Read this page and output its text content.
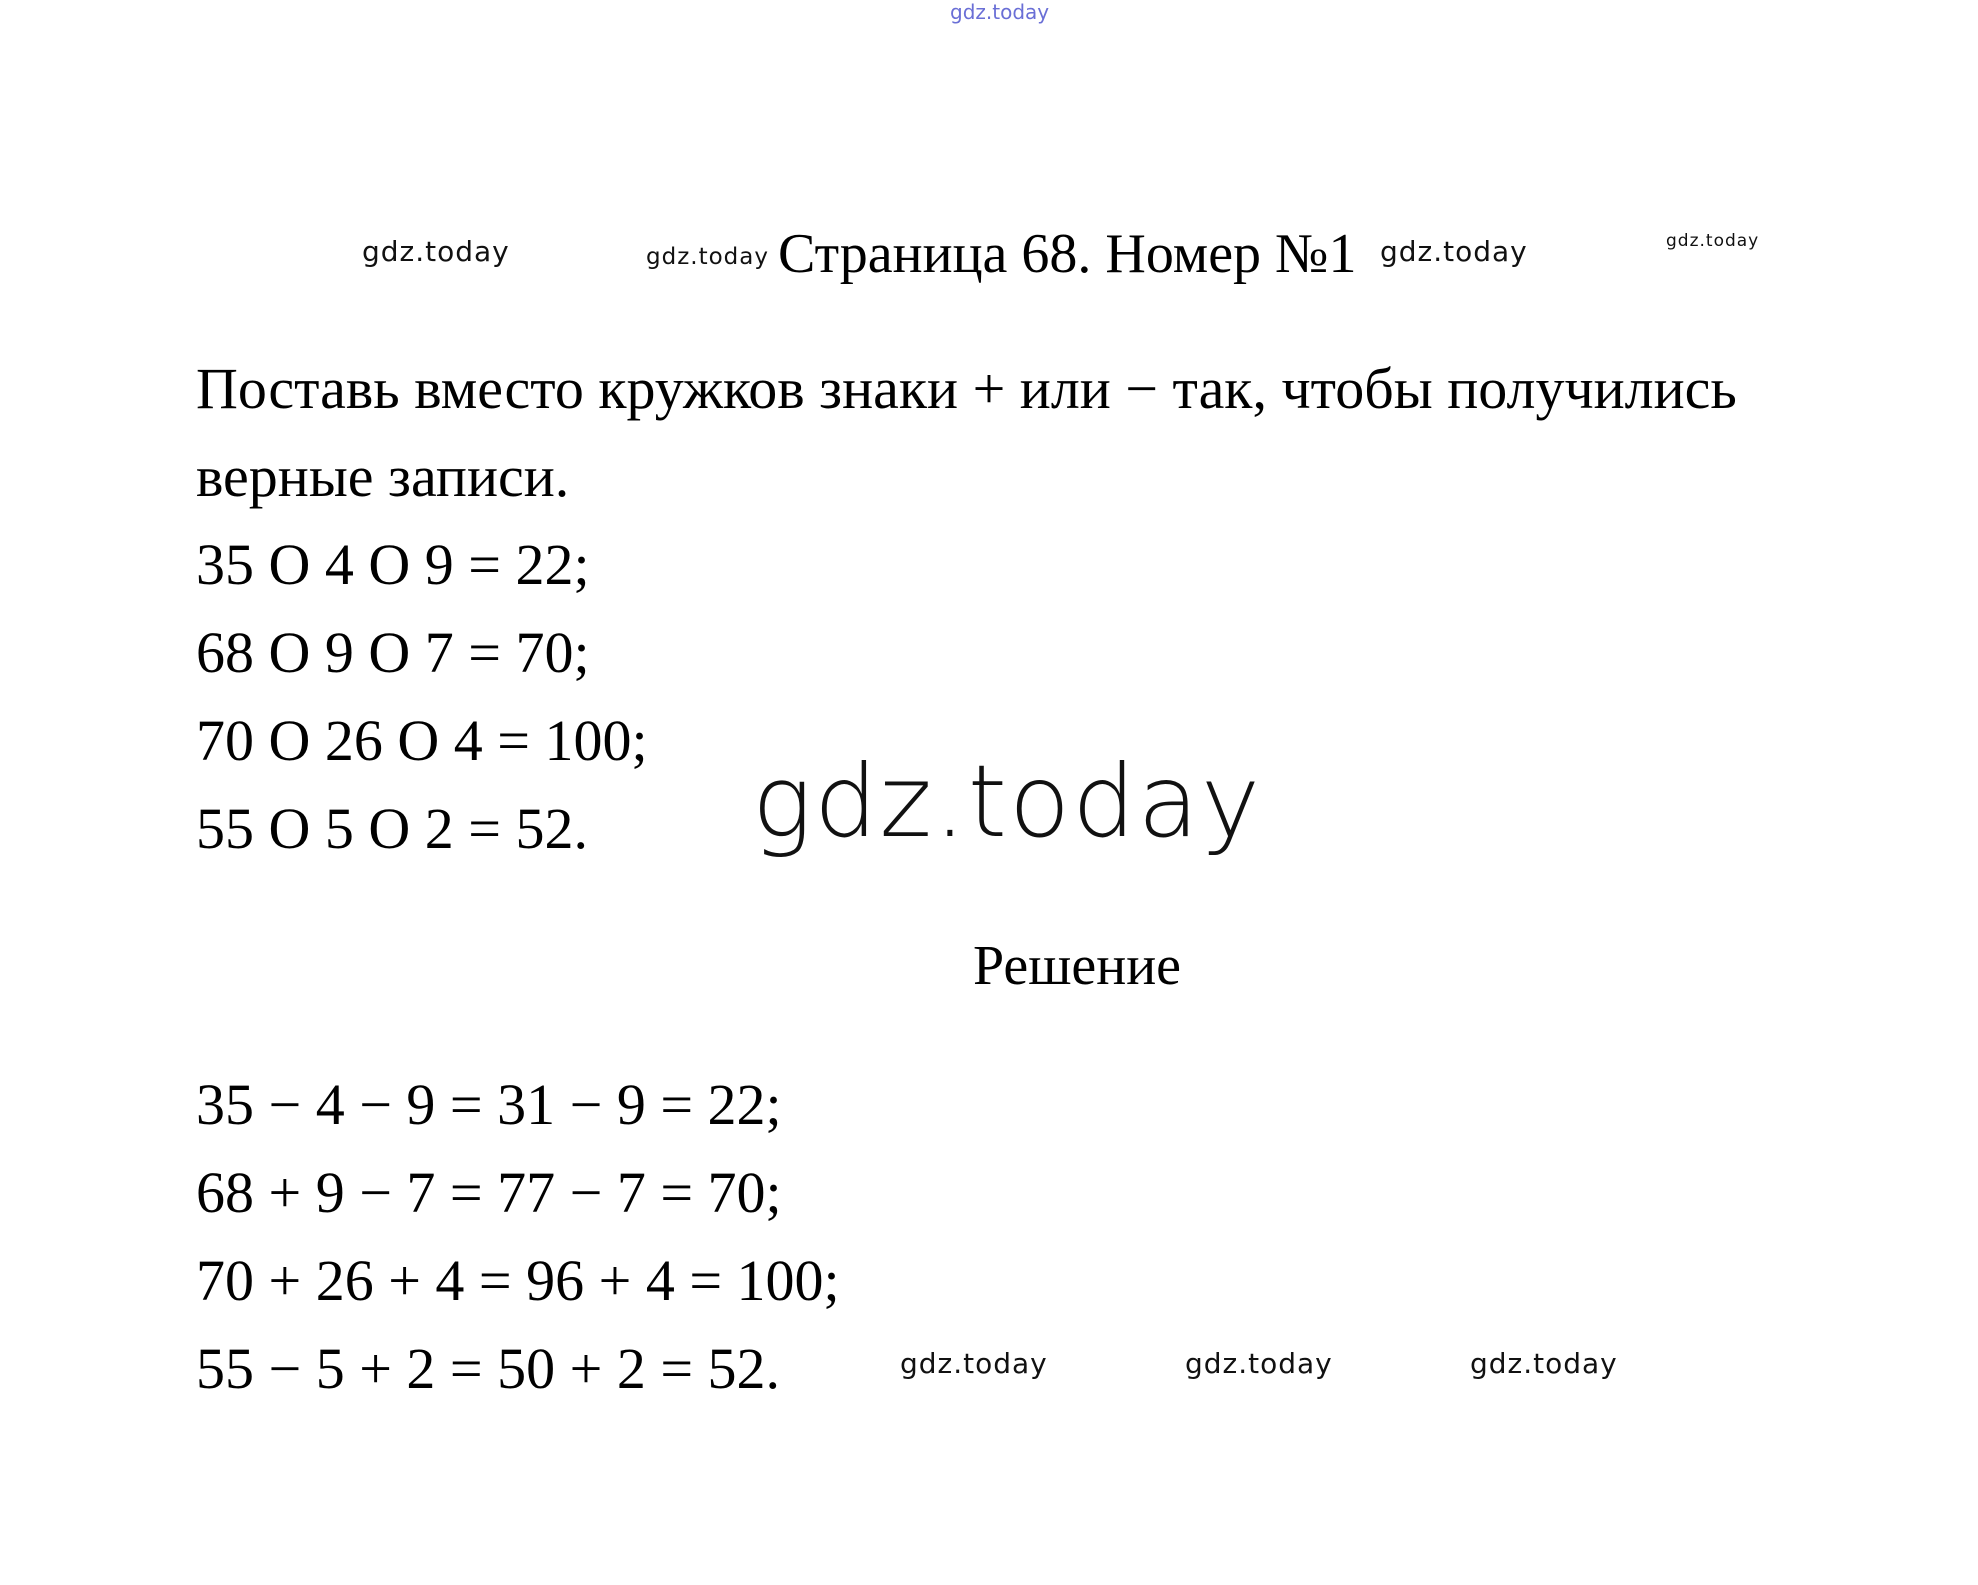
gdz.today
gdz.today	gdz.today Страница 68. Номер №1 gdz.today	gdz.today
Поставь вместо кружков знаки + или − так, чтобы получились
верные записи.
35 О 4 О 9 = 22;
68 О 9 О 7 = 70;
70 О 26 О 4 = 100;
55 О 5 О 2 = 52. gdz.today
Решение
35 − 4 − 9 = 31 − 9 = 22;
68 + 9 − 7 = 77 − 7 = 70;
70 + 26 + 4 = 96 + 4 = 100;
55 − 5 + 2 = 50 + 2 = 52.	gdz.today	gdz.today	gdz.today
